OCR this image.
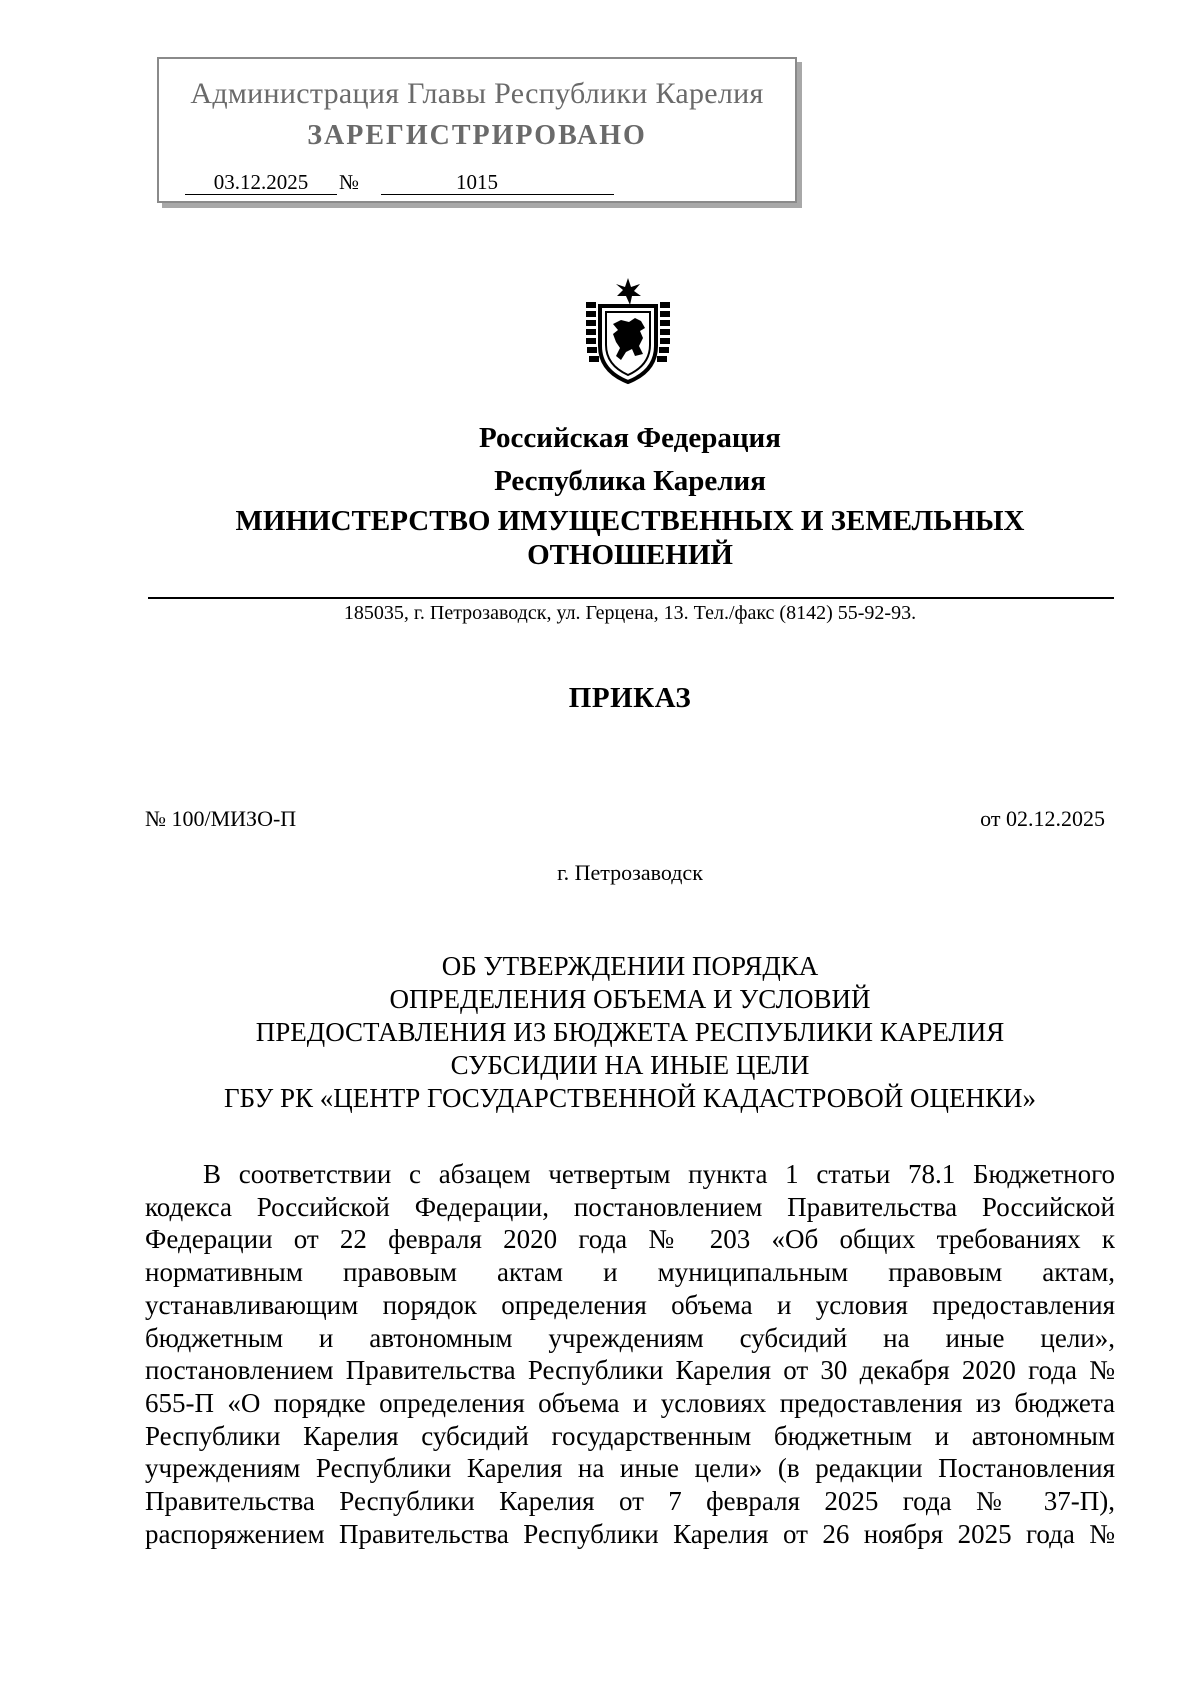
Администрация Главы Республики Карелия
ЗАРЕГИСТРИРОВАНО
03.12.2025	№	1015
Российская Федерация
Республика Карелия
МИНИСТЕРСТВО ИМУЩЕСТВЕННЫХ И ЗЕМЕЛЬНЫХ
ОТНОШЕНИЙ
185035, г. Петрозаводск, ул. Герцена, 13. Тел./факс (8142) 55-92-93.
ПРИКАЗ
№ 100/МИЗО-П	от 02.12.2025
г. Петрозаводск
ОБ УТВЕРЖДЕНИИ ПОРЯДКА
ОПРЕДЕЛЕНИЯ ОБЪЕМА И УСЛОВИЙ
ПРЕДОСТАВЛЕНИЯ ИЗ БЮДЖЕТА РЕСПУБЛИКИ КАРЕЛИЯ
СУБСИДИИ НА ИНЫЕ ЦЕЛИ
ГБУ РК «ЦЕНТР ГОСУДАРСТВЕННОЙ КАДАСТРОВОЙ ОЦЕНКИ»
В соответствии с абзацем четвертым пункта 1 статьи 78.1 Бюджетного
кодекса Российской Федерации, постановлением Правительства Российской
Федерации от 22 февраля 2020 года № 203 «Об общих требованиях к
нормативным правовым актам и муниципальным правовым актам,
устанавливающим порядок определения объема и условия предоставления
бюджетным и автономным учреждениям субсидий на иные цели»,
постановлением Правительства Республики Карелия от 30 декабря 2020 года №
655-П «О порядке определения объема и условиях предоставления из бюджета
Республики Карелия субсидий государственным бюджетным и автономным
учреждениям Республики Карелия на иные цели» (в редакции Постановления
Правительства Республики Карелия от 7 февраля 2025 года № 37-П),
распоряжением Правительства Республики Карелия от 26 ноября 2025 года №
